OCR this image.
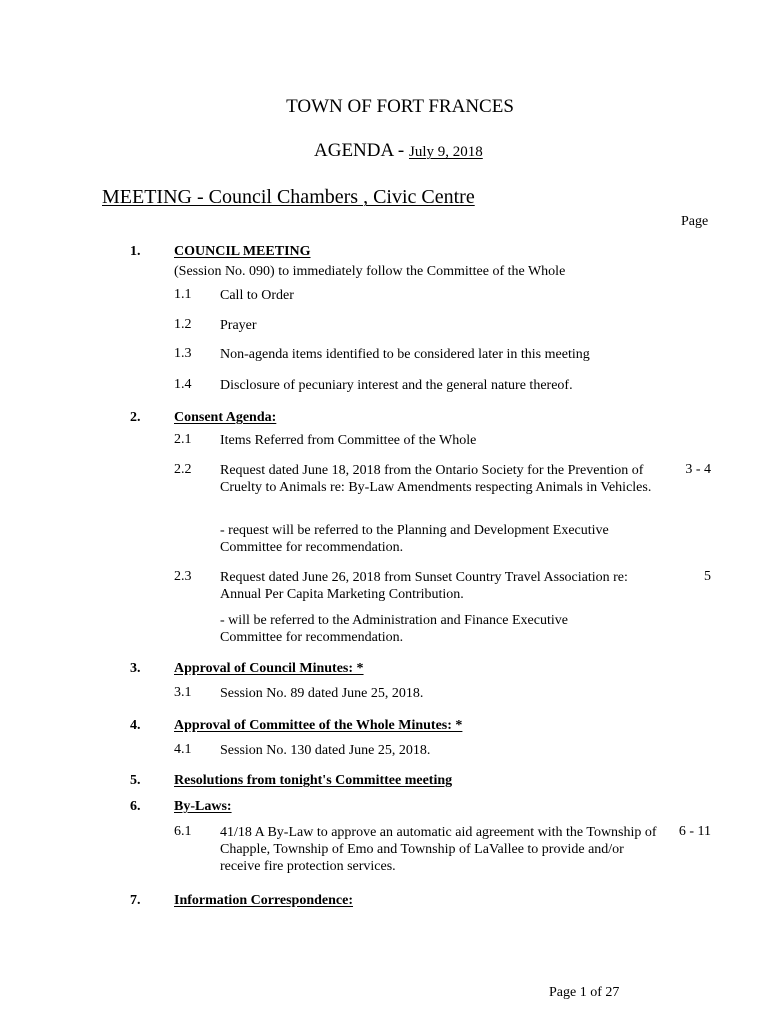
TOWN OF FORT FRANCES
AGENDA - July 9, 2018
MEETING - Council Chambers , Civic Centre
Page
1. COUNCIL MEETING
(Session No. 090) to immediately follow the Committee of the Whole
1.1 Call to Order
1.2 Prayer
1.3 Non-agenda items identified to be considered later in this meeting
1.4 Disclosure of pecuniary interest and the general nature thereof.
2. Consent Agenda:
2.1 Items Referred from Committee of the Whole
2.2 Request dated June 18, 2018 from the Ontario Society for the Prevention of Cruelty to Animals re: By-Law Amendments respecting Animals in Vehicles.
3 - 4
- request will be referred to the Planning and Development Executive Committee for recommendation.
2.3 Request dated June 26, 2018 from Sunset Country Travel Association re: Annual Per Capita Marketing Contribution.
5
- will be referred to the Administration and Finance Executive Committee for recommendation.
3. Approval of Council Minutes: *
3.1 Session No. 89 dated June 25, 2018.
4. Approval of Committee of the Whole Minutes: *
4.1 Session No. 130 dated June 25, 2018.
5. Resolutions from tonight's Committee meeting
6. By-Laws:
6.1 41/18 A By-Law to approve an automatic aid agreement with the Township of Chapple, Township of Emo and Township of LaVallee to provide and/or receive fire protection services.
6 - 11
7. Information Correspondence:
Page 1 of 27
